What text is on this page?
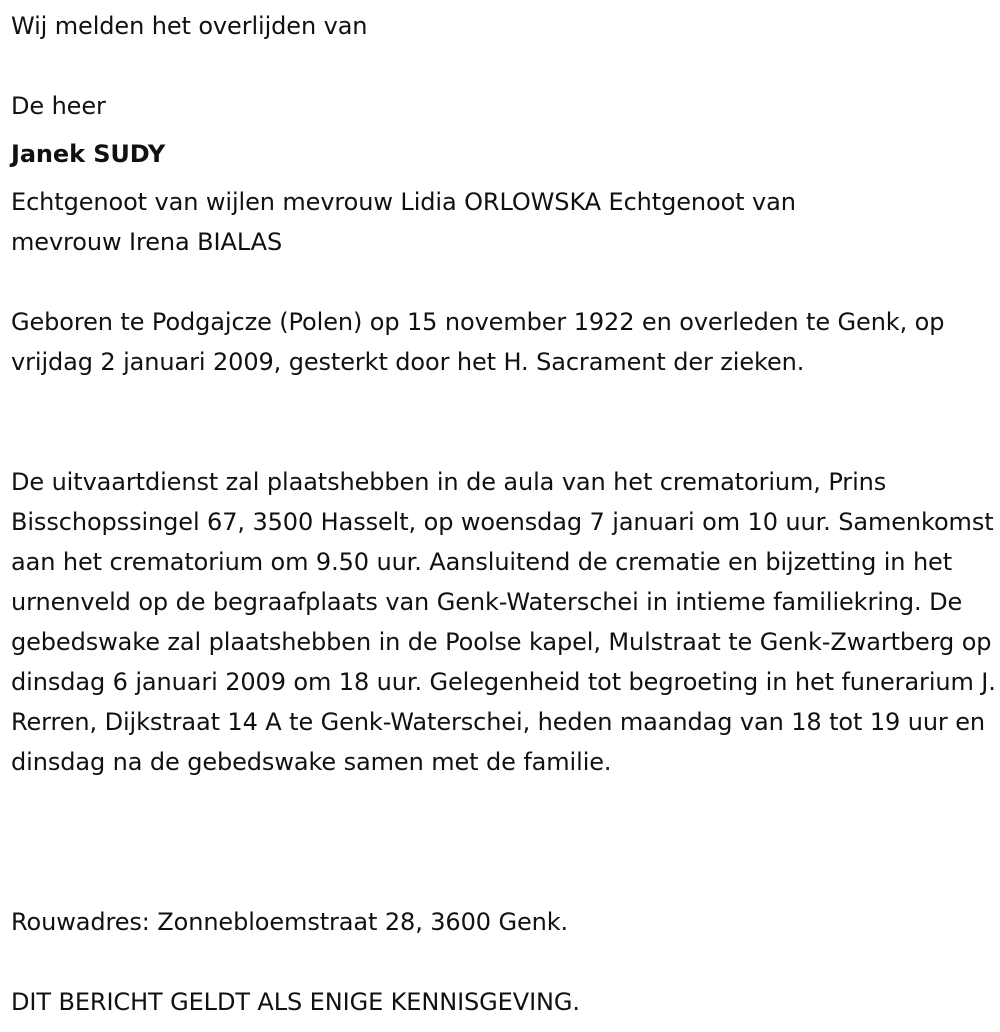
Wij melden het overlijden van

De heer

Janek SUDY

Echtgenoot van wijlen mevrouw Lidia ORLOWSKA Echtgenoot van mevrouw Irena BIALAS

Geboren te Podgajcze (Polen) op 15 november 1922 en overleden te Genk, op vrijdag 2 januari 2009, gesterkt door het H. Sacrament der zieken.

De uitvaartdienst zal plaatshebben in de aula van het crematorium, Prins Bisschopssingel 67, 3500 Hasselt, op woensdag 7 januari om 10 uur. Samenkomst aan het crematorium om 9.50 uur. Aansluitend de crematie en bijzetting in het urnenveld op de begraafplaats van Genk-Waterschei in intieme familiekring. De gebedswake zal plaatshebben in de Poolse kapel, Mulstraat te Genk-Zwartberg op dinsdag 6 januari 2009 om 18 uur. Gelegenheid tot begroeting in het funerarium J. Rerren, Dijkstraat 14 A te Genk-Waterschei, heden maandag van 18 tot 19 uur en dinsdag na de gebedswake samen met de familie.

Rouwadres: Zonnebloemstraat 28, 3600 Genk.

DIT BERICHT GELDT ALS ENIGE KENNISGEVING.
